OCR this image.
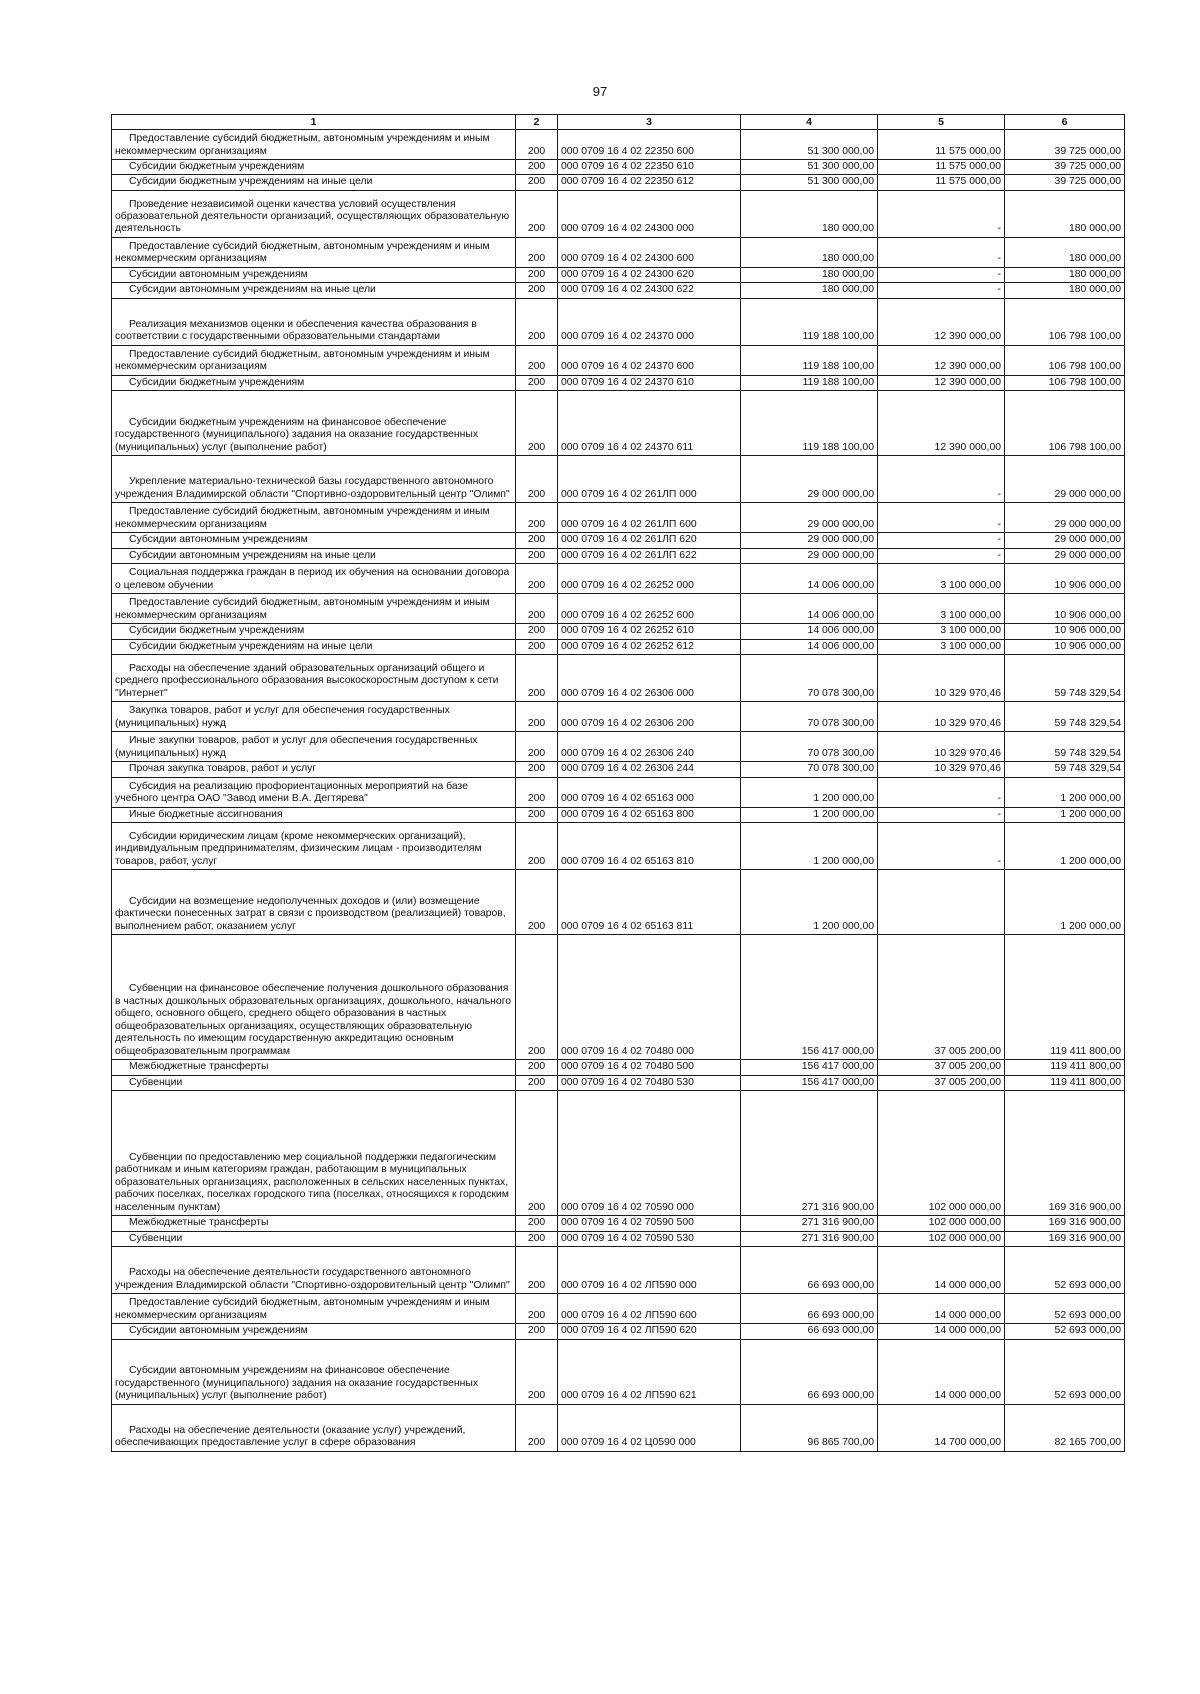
97
1	2	3	4	5	6
Предоставление субсидий бюджетным, автономным учреждениям и иным некоммерческим организациям	200	000 0709 16 4 02 22350 600	51 300 000,00	11 575 000,00	39 725 000,00
Субсидии бюджетным учреждениям	200	000 0709 16 4 02 22350 610	51 300 000,00	11 575 000,00	39 725 000,00
Субсидии бюджетным учреждениям на иные цели	200	000 0709 16 4 02 22350 612	51 300 000,00	11 575 000,00	39 725 000,00
Проведение независимой оценки качества условий осуществления образовательной деятельности организаций, осуществляющих образовательную деятельность	200	000 0709 16 4 02 24300 000	180 000,00	-	180 000,00
Предоставление субсидий бюджетным, автономным учреждениям и иным некоммерческим организациям	200	000 0709 16 4 02 24300 600	180 000,00	-	180 000,00
Субсидии автономным учреждениям	200	000 0709 16 4 02 24300 620	180 000,00	-	180 000,00
Субсидии автономным учреждениям на иные цели	200	000 0709 16 4 02 24300 622	180 000,00	-	180 000,00
Реализация механизмов оценки и обеспечения качества образования в соответствии с государственными образовательными стандартами	200	000 0709 16 4 02 24370 000	119 188 100,00	12 390 000,00	106 798 100,00
Предоставление субсидий бюджетным, автономным учреждениям и иным некоммерческим организациям	200	000 0709 16 4 02 24370 600	119 188 100,00	12 390 000,00	106 798 100,00
Субсидии бюджетным учреждениям	200	000 0709 16 4 02 24370 610	119 188 100,00	12 390 000,00	106 798 100,00
Субсидии бюджетным учреждениям на финансовое обеспечение государственного (муниципального) задания на оказание государственных (муниципальных) услуг (выполнение работ)	200	000 0709 16 4 02 24370 611	119 188 100,00	12 390 000,00	106 798 100,00
Укрепление материально-технической базы государственного автономного учреждения Владимирской области "Спортивно-оздоровительный центр "Олимп"	200	000 0709 16 4 02 261ЛП 000	29 000 000,00	-	29 000 000,00
Предоставление субсидий бюджетным, автономным учреждениям и иным некоммерческим организациям	200	000 0709 16 4 02 261ЛП 600	29 000 000,00	-	29 000 000,00
Субсидии автономным учреждениям	200	000 0709 16 4 02 261ЛП 620	29 000 000,00	-	29 000 000,00
Субсидии автономным учреждениям на иные цели	200	000 0709 16 4 02 261ЛП 622	29 000 000,00	-	29 000 000,00
Социальная поддержка граждан в период их обучения на основании договора о целевом обучении	200	000 0709 16 4 02 26252 000	14 006 000,00	3 100 000,00	10 906 000,00
Предоставление субсидий бюджетным, автономным учреждениям и иным некоммерческим организациям	200	000 0709 16 4 02 26252 600	14 006 000,00	3 100 000,00	10 906 000,00
Субсидии бюджетным учреждениям	200	000 0709 16 4 02 26252 610	14 006 000,00	3 100 000,00	10 906 000,00
Субсидии бюджетным учреждениям на иные цели	200	000 0709 16 4 02 26252 612	14 006 000,00	3 100 000,00	10 906 000,00
Расходы на обеспечение зданий образовательных организаций общего и среднего профессионального образования высокоскоростным доступом к сети "Интернет"	200	000 0709 16 4 02 26306 000	70 078 300,00	10 329 970,46	59 748 329,54
Закупка товаров, работ и услуг для обеспечения государственных (муниципальных) нужд	200	000 0709 16 4 02 26306 200	70 078 300,00	10 329 970,46	59 748 329,54
Иные закупки товаров, работ и услуг для обеспечения государственных (муниципальных) нужд	200	000 0709 16 4 02 26306 240	70 078 300,00	10 329 970,46	59 748 329,54
Прочая закупка товаров, работ и услуг	200	000 0709 16 4 02 26306 244	70 078 300,00	10 329 970,46	59 748 329,54
Субсидия на реализацию профориентационных мероприятий на базе учебного центра ОАО "Завод имени В.А. Дегтярева"	200	000 0709 16 4 02 65163 000	1 200 000,00	-	1 200 000,00
Иные бюджетные ассигнования	200	000 0709 16 4 02 65163 800	1 200 000,00	-	1 200 000,00
Субсидии юридическим лицам (кроме некоммерческих организаций), индивидуальным предпринимателям, физическим лицам - производителям товаров, работ, услуг	200	000 0709 16 4 02 65163 810	1 200 000,00	-	1 200 000,00
Субсидии на возмещение недополученных доходов и (или) возмещение фактически понесенных затрат в связи с производством (реализацией) товаров, выполнением работ, оказанием услуг	200	000 0709 16 4 02 65163 811	1 200 000,00		1 200 000,00
Субвенции на финансовое обеспечение получения дошкольного образования в частных дошкольных образовательных организациях, дошкольного, начального общего, основного общего, среднего общего образования в частных общеобразовательных организациях, осуществляющих образовательную деятельность по имеющим государственную аккредитацию основным общеобразовательным программам	200	000 0709 16 4 02 70480 000	156 417 000,00	37 005 200,00	119 411 800,00
Межбюджетные трансферты	200	000 0709 16 4 02 70480 500	156 417 000,00	37 005 200,00	119 411 800,00
Субвенции	200	000 0709 16 4 02 70480 530	156 417 000,00	37 005 200,00	119 411 800,00
Субвенции по предоставлению мер социальной поддержки педагогическим работникам и иным категориям граждан, работающим в муниципальных образовательных организациях, расположенных в сельских населенных пунктах, рабочих поселках, поселках городского типа (поселках, относящихся к городским населенным пунктам)	200	000 0709 16 4 02 70590 000	271 316 900,00	102 000 000,00	169 316 900,00
Межбюджетные трансферты	200	000 0709 16 4 02 70590 500	271 316 900,00	102 000 000,00	169 316 900,00
Субвенции	200	000 0709 16 4 02 70590 530	271 316 900,00	102 000 000,00	169 316 900,00
Расходы на обеспечение деятельности государственного автономного учреждения Владимирской области "Спортивно-оздоровительный центр "Олимп"	200	000 0709 16 4 02 ЛП590 000	66 693 000,00	14 000 000,00	52 693 000,00
Предоставление субсидий бюджетным, автономным учреждениям и иным некоммерческим организациям	200	000 0709 16 4 02 ЛП590 600	66 693 000,00	14 000 000,00	52 693 000,00
Субсидии автономным учреждениям	200	000 0709 16 4 02 ЛП590 620	66 693 000,00	14 000 000,00	52 693 000,00
Субсидии автономным учреждениям на финансовое обеспечение государственного (муниципального) задания на оказание государственных (муниципальных) услуг (выполнение работ)	200	000 0709 16 4 02 ЛП590 621	66 693 000,00	14 000 000,00	52 693 000,00
Расходы на обеспечение деятельности (оказание услуг) учреждений, обеспечивающих предоставление услуг в сфере образования	200	000 0709 16 4 02 Ц0590 000	96 865 700,00	14 700 000,00	82 165 700,00
